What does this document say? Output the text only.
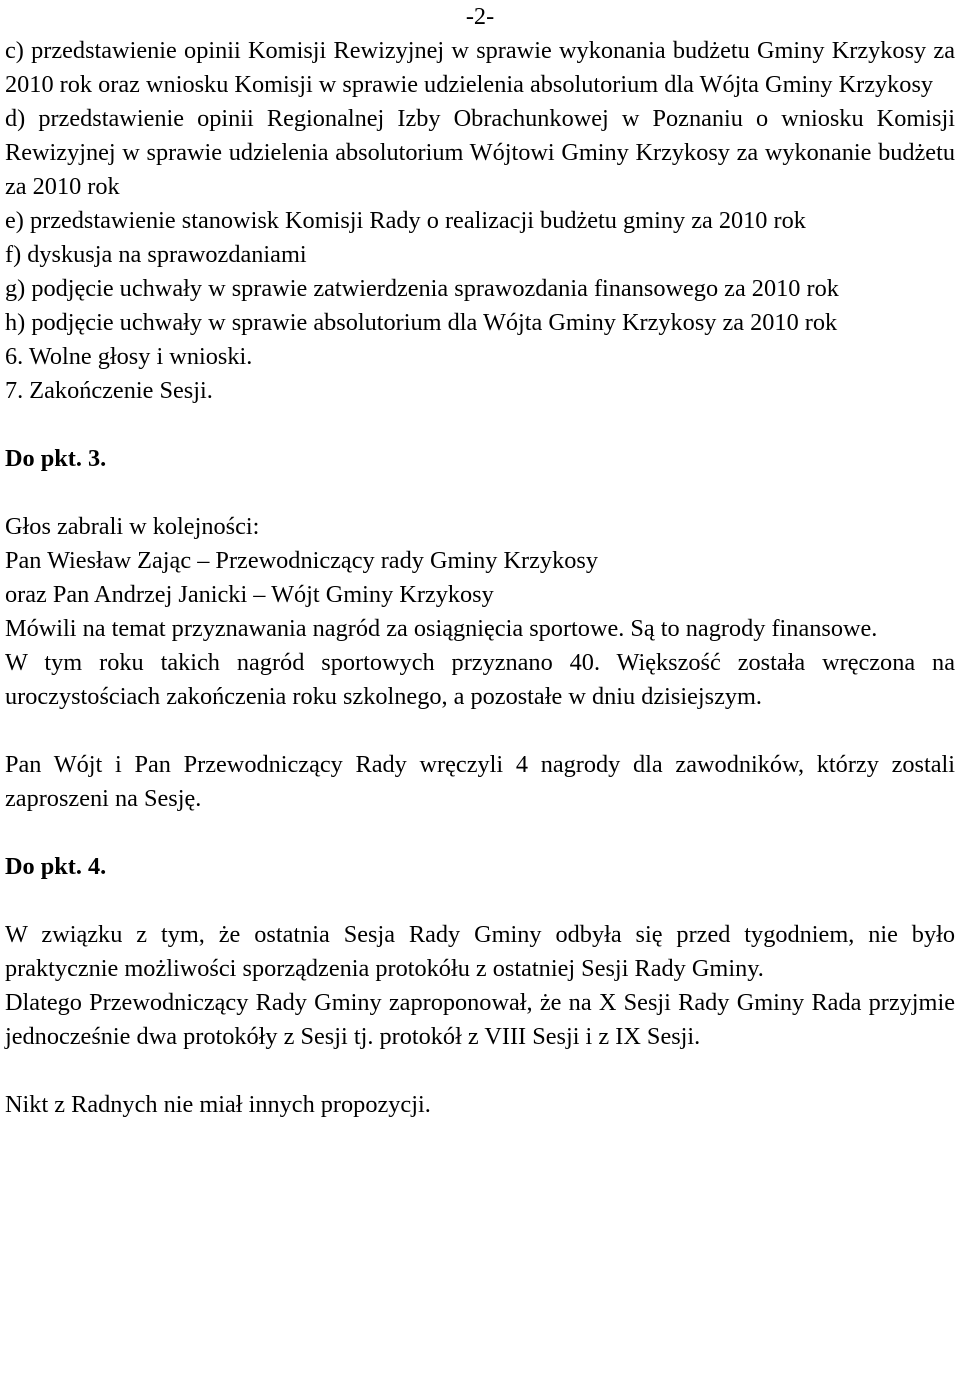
-2-

c) przedstawienie opinii Komisji Rewizyjnej w sprawie wykonania budżetu Gminy Krzykosy za 2010 rok oraz wniosku Komisji w sprawie udzielenia absolutorium dla Wójta Gminy Krzykosy

d) przedstawienie opinii Regionalnej Izby Obrachunkowej w Poznaniu o wniosku Komisji Rewizyjnej w sprawie udzielenia absolutorium Wójtowi Gminy Krzykosy za wykonanie budżetu za 2010 rok

e) przedstawienie stanowisk Komisji Rady o realizacji budżetu gminy za 2010 rok

f) dyskusja na sprawozdaniami

g) podjęcie uchwały w sprawie zatwierdzenia sprawozdania finansowego za 2010 rok

h) podjęcie uchwały w sprawie absolutorium dla Wójta Gminy Krzykosy za 2010 rok

6. Wolne głosy i wnioski.

7. Zakończenie Sesji.

Do pkt. 3.

Głos zabrali w kolejności:

Pan Wiesław Zając – Przewodniczący rady Gminy Krzykosy

oraz Pan Andrzej Janicki – Wójt Gminy Krzykosy

Mówili na temat przyznawania nagród za osiągnięcia sportowe. Są to nagrody finansowe.

W tym roku takich nagród sportowych przyznano 40. Większość została wręczona na uroczystościach zakończenia roku szkolnego, a pozostałe w dniu dzisiejszym.

Pan Wójt i Pan Przewodniczący Rady wręczyli 4 nagrody dla zawodników, którzy zostali zaproszeni na Sesję.

Do pkt. 4.

W związku z tym, że ostatnia Sesja Rady Gminy odbyła się przed tygodniem, nie było praktycznie możliwości sporządzenia protokółu z ostatniej Sesji Rady Gminy.

Dlatego Przewodniczący Rady Gminy zaproponował, że na X Sesji Rady Gminy Rada przyjmie jednocześnie dwa protokóły z Sesji tj. protokół z VIII Sesji i z IX Sesji.

Nikt z Radnych nie miał innych propozycji.
